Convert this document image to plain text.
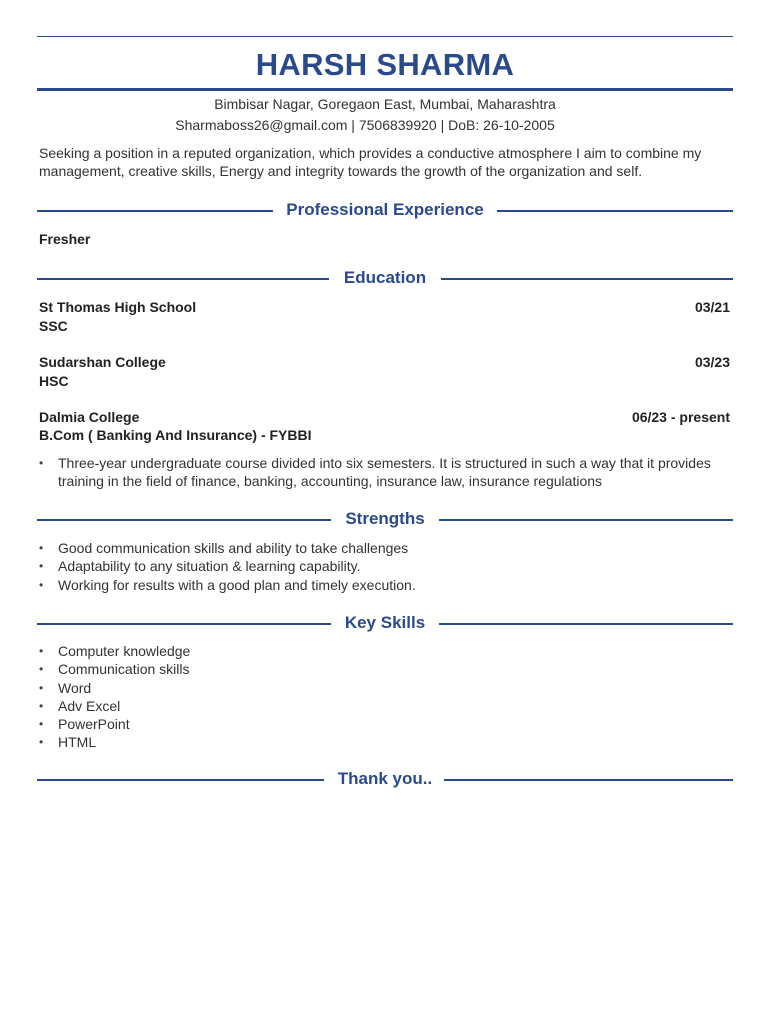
HARSH SHARMA
Bimbisar Nagar, Goregaon East, Mumbai, Maharashtra
Sharmaboss26@gmail.com | 7506839920 | DoB: 26-10-2005
Seeking a position in a reputed organization, which provides a conductive atmosphere I aim to combine my management, creative skills, Energy and integrity towards the growth of the organization and self.
Professional Experience
Fresher
Education
St Thomas High School	03/21
SSC
Sudarshan College	03/23
HSC
Dalmia College	06/23 - present
B.Com ( Banking And Insurance) - FYBBI
• Three-year undergraduate course divided into six semesters. It is structured in such a way that it provides training in the field of finance, banking, accounting, insurance law, insurance regulations
Strengths
• Good communication skills and ability to take challenges
• Adaptability to any situation & learning capability.
• Working for results with a good plan and timely execution.
Key Skills
• Computer knowledge
• Communication skills
• Word
• Adv Excel
• PowerPoint
• HTML
Thank you..
